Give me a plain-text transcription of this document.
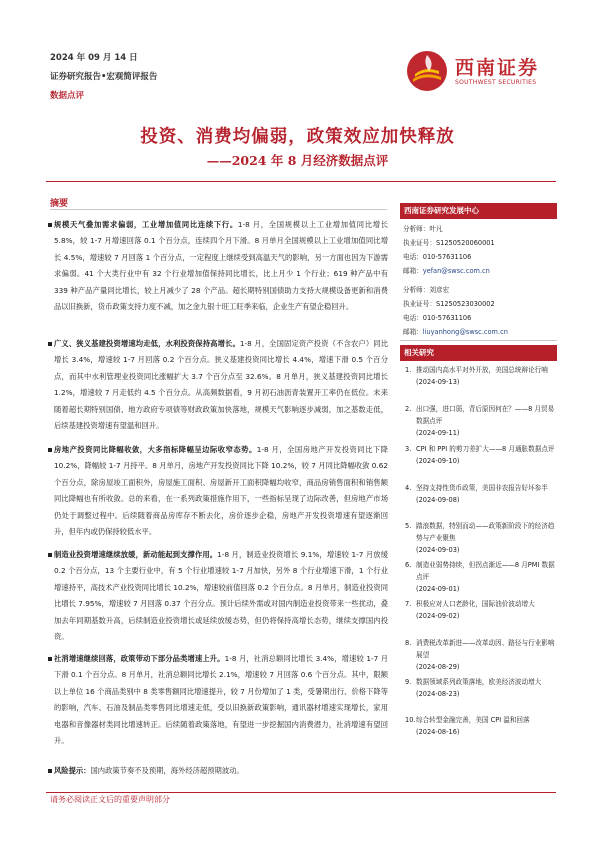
2024 年 09 月 14 日
证券研究报告•宏观简评报告
数据点评
西南证券
SOUTHWEST SECURITIES
投资、消费均偏弱，政策效应加快释放
——2024 年 8 月经济数据点评
摘要
规模天气叠加需求偏弱，工业增加值同比连续下行。1-8 月，全国规模以上工业增加值同比增长 5.8%，较 1-7 月增速回落 0.1 个百分点，连续四个月下滑。8 月单月全国规模以上工业增加值同比增长 4.5%，增速较 7 月回落 1 个百分点，一定程度上继续受到高温天气的影响，另一方面也因为下游需求偏弱。41 个大类行业中有 32 个行业增加值保持同比增长，比上月少 1 个行业；619 种产品中有 339 种产品产量同比增长，较上月减少了 28 个产品。超长期特别国债助力支持大规模设备更新和消费品以旧换新，货币政策支持力度不减，加之金九银十旺工旺季来临，企业生产有望企稳回升。
广义、狭义基建投资增速均走低，水利投资保持高增长。1-8 月，全国固定资产投资（不含农户）同比增长 3.4%，增速较 1-7 月回落 0.2 个百分点。狭义基建投资同比增长 4.4%，增速下滑 0.5 个百分点，而其中水利管理业投资同比涨幅扩大 3.7 个百分点至 32.6%。8 月单月，狭义基建投资同比增长 1.2%，增速较 7 月走低约 4.5 个百分点。从高频数据看，9 月初石油沥青装置开工率仍在低位。未来随着超长期特别国债、地方政府专项债等财政政策加快落地，规模天气影响逐步减弱，加之基数走低，后续基建投资增速有望温和回升。
房地产投资同比降幅收敛，大多指标降幅呈边际收窄态势。1-8 月，全国房地产开发投资同比下降 10.2%，降幅较 1-7 月持平。8 月单月，房地产开发投资同比下降 10.2%，较 7 月同比降幅收敛 0.62 个百分点，除房屋竣工面积外，房屋施工面积、房屋新开工面积降幅均收窄，商品房销售面积和销售额同比降幅也有所收敛。总的来看，在一系列政策措施作用下，一些指标呈现了边际改善，但房地产市场仍处于调整过程中。后续随着商品房库存不断去化，房价逐步企稳，房地产开发投资增速有望逐渐回升，但年内或仍保持较低水平。
制造业投资增速继续放缓，新动能起到支撑作用。1-8 月，制造业投资增长 9.1%，增速较 1-7 月放缓 0.2 个百分点，13 个主要行业中，有 5 个行业增速较 1-7 月加快，另外 8 个行业增速下滑，1 个行业增速持平，高技术产业投资同比增长 10.2%，增速较前值回落 0.2 个百分点。8 月单月，制造业投资同比增长 7.95%，增速较 7 月回落 0.37 个百分点。预计后续外需或对国内制造业投资带来一些扰动，叠加去年同期基数升高，后续制造业投资增长或延续放缓态势，但仍将保持高增长态势，继续支撑国内投资。
社消增速继续回落，政策带动下部分品类增速上升。1-8 月，社消总额同比增长 3.4%，增速较 1-7 月下滑 0.1 个百分点。8 月单月，社消总额同比增长 2.1%，增速较 7 月回落 0.6 个百分点。其中，限额以上单位 16 个商品类别中 8 类零售额同比增速提升，较 7 月份增加了 1 类，受暑期出行、价格下降等的影响，汽车、石油及制品类零售同比增速走低，受以旧换新政策影响，通讯器材增速实现增长，家用电器和音像器材类同比增速转正。后续随着政策落地，有望进一步挖掘国内消费潜力，社消增速有望回升。
风险提示：国内政策节奏不及预期，海外经济超预期波动。
西南证券研究发展中心
分析师：叶凡
执业证号：S1250520060001
电话：010-57631106
邮箱：yefan@swsc.com.cn
分析师：刘彦宏
执业证号：S1250523030002
电话：010-57631106
邮箱：liuyanhong@swsc.com.cn
相关研究
1. 推动国内高水平对外开放，美国总统辩论行响
(2024-09-13)
2. 出口强，进口弱，背后原因何在？——8 月贸易数据点评
(2024-09-11)
3. CPI 和 PPI 的剪刀差扩大——8 月通胀数据点评
(2024-09-10)
4. 坚持支持性货币政策，美国非农报告好坏参半
(2024-09-08)
5. 踏浪数据，特别而动——政策新阶段下的经济趋势与产业聚焦
(2024-09-03)
6. 制造业弱势持续，但拐点渐近——8 月PMI 数据点评
(2024-09-01)
7. 积极应对人口老龄化，国际油价波动增大
(2024-09-02)
8. 消费税改革新进——改革动因、路径与行业影响展望
(2024-08-29)
9. 数据领域系列政策落地，欧美经济波动增大
(2024-08-23)
10. 综合转型金融完善，美国 CPI 温和回落
(2024-08-16)
请务必阅读正文后的重要声明部分
